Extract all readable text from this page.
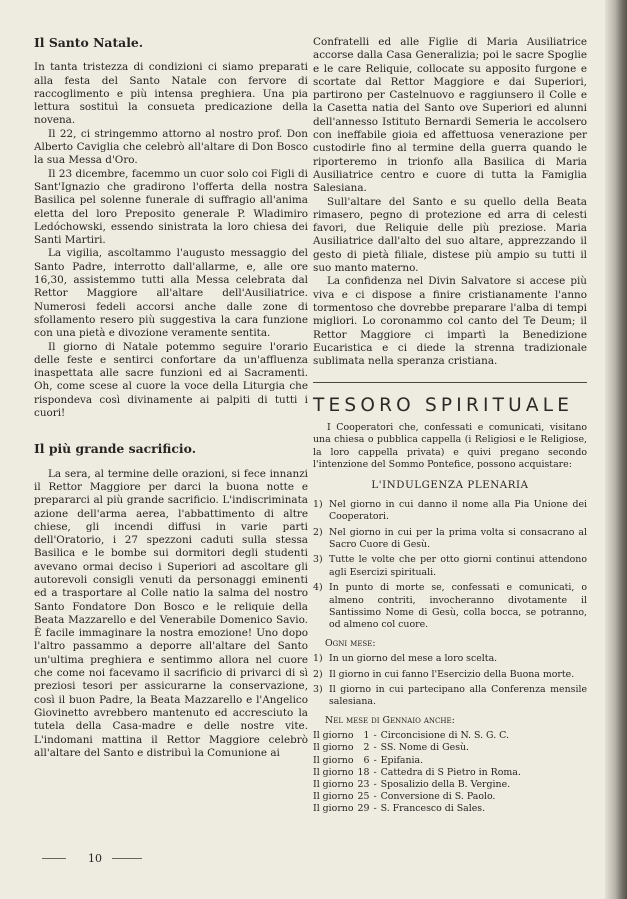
Il Santo Natale.

In tanta tristezza di condizioni ci siamo preparati alla festa del Santo Natale con fervore di raccoglimento e più intensa preghiera. Una pia lettura sostituì la consueta predicazione della novena.

Il 22, ci stringemmo attorno al nostro prof. Don Alberto Caviglia che celebrò all'altare di Don Bosco la sua Messa d'Oro.

Il 23 dicembre, facemmo un cuor solo coi Figli di Sant'Ignazio che gradirono l'offerta della nostra Basilica pel solenne funerale di suffragio all'anima eletta del loro Preposito generale P. Wladimiro Ledóchowski, essendo sinistrata la loro chiesa dei Santi Martiri.

La vigilia, ascoltammo l'augusto messaggio del Santo Padre, interrotto dall'allarme, e, alle ore 16,30, assistemmo tutti alla Messa celebrata dal Rettor Maggiore all'altare dell'Ausiliatrice. Numerosi fedeli accorsi anche dalle zone di sfollamento resero più suggestiva la cara funzione con una pietà e divozione veramente sentita.

Il giorno di Natale potemmo seguire l'orario delle feste e sentirci confortare da un'affluenza inaspettata alle sacre funzioni ed ai Sacramenti. Oh, come scese al cuore la voce della Liturgia che rispondeva così divinamente ai palpiti di tutti i cuori!

Il più grande sacrificio.

La sera, al termine delle orazioni, si fece innanzi il Rettor Maggiore per darci la buona notte e prepararci al più grande sacrificio. L'indiscriminata azione dell'arma aerea, l'abbattimento di altre chiese, gli incendi diffusi in varie parti dell'Oratorio, i 27 spezzoni caduti sulla stessa Basilica e le bombe sui dormitori degli studenti avevano ormai deciso i Superiori ad ascoltare gli autorevoli consigli venuti da personaggi eminenti ed a trasportare al Colle natio la salma del nostro Santo Fondatore Don Bosco e le reliquie della Beata Mazzarello e del Venerabile Domenico Savio. È facile immaginare la nostra emozione! Uno dopo l'altro passammo a deporre all'altare del Santo un'ultima preghiera e sentimmo allora nel cuore che come noi facevamo il sacrificio di privarci di sì preziosi tesori per assicurarne la conservazione, così il buon Padre, la Beata Mazzarello e l'Angelico Giovinetto avrebbero mantenuto ed accresciuto la tutela della Casa-madre e delle nostre vite. L'indomani mattina il Rettor Maggiore celebrò all'altare del Santo e distribuì la Comunione ai

Confratelli ed alle Figlie di Maria Ausiliatrice accorse dalla Casa Generalizia; poi le sacre Spoglie e le care Reliquie, collocate su apposito furgone e scortate dal Rettor Maggiore e dai Superiori, partirono per Castelnuovo e raggiunsero il Colle e la Casetta natia del Santo ove Superiori ed alunni dell'annesso Istituto Bernardi Semeria le accolsero con ineffabile gioia ed affettuosa venerazione per custodirle fino al termine della guerra quando le riporteremo in trionfo alla Basilica di Maria Ausiliatrice centro e cuore di tutta la Famiglia Salesiana.

Sull'altare del Santo e su quello della Beata rimasero, pegno di protezione ed arra di celesti favori, due Reliquie delle più preziose. Maria Ausiliatrice dall'alto del suo altare, apprezzando il gesto di pietà filiale, distese più ampio su tutti il suo manto materno.

La confidenza nel Divin Salvatore si accese più viva e ci dispose a finire cristianamente l'anno tormentoso che dovrebbe preparare l'alba di tempi migliori. Lo coronammo col canto del Te Deum; il Rettor Maggiore ci impartì la Benedizione Eucaristica e ci diede la strenna tradizionale sublimata nella speranza cristiana.

TESORO SPIRITUALE

I Cooperatori che, confessati e comunicati, visitano una chiesa o pubblica cappella (i Religiosi e le Religiose, la loro cappella privata) e quivi pregano secondo l'intenzione del Sommo Pontefice, possono acquistare:

L'INDULGENZA PLENARIA
1) Nel giorno in cui danno il nome alla Pia Unione dei Cooperatori.
2) Nel giorno in cui per la prima volta si consacrano al Sacro Cuore di Gesù.
3) Tutte le volte che per otto giorni continui attendono agli Esercizi spirituali.
4) In punto di morte se, confessati e comunicati, o almeno contriti, invocheranno divotamente il Santissimo Nome di Gesù, colla bocca, se potranno, od almeno col cuore.
Ogni mese:
1) In un giorno del mese a loro scelta.
2) Il giorno in cui fanno l'Esercizio della Buona morte.
3) Il giorno in cui partecipano alla Conferenza mensile salesiana.
Nel mese di Gennaio anche:
Il giorno	1	-	Circoncisione di N. S. G. C.
Il giorno	2	-	SS. Nome di Gesù.
Il giorno	6	-	Epifania.
Il giorno	18	-	Cattedra di S Pietro in Roma.
Il giorno	23	-	Sposalizio della B. Vergine.
Il giorno	25	-	Conversione di S. Paolo.
Il giorno	29	-	S. Francesco di Sales.
10
